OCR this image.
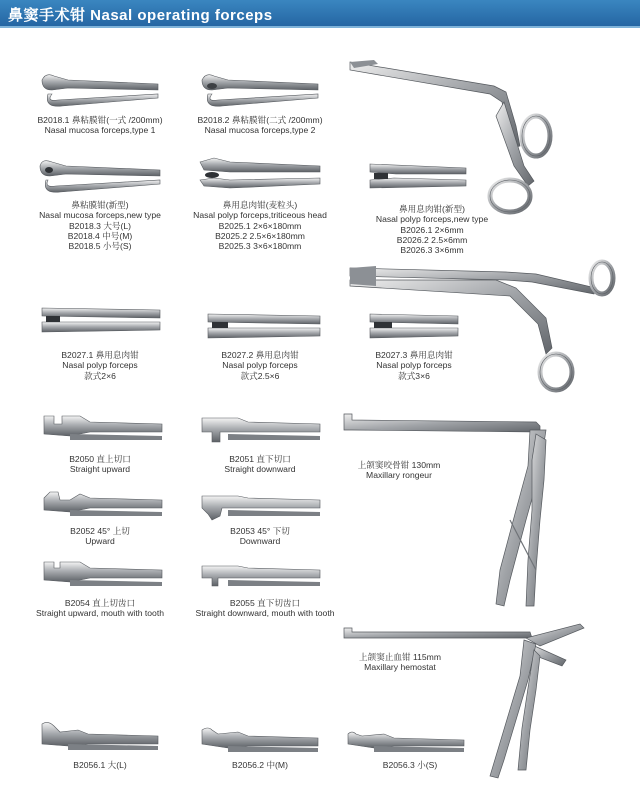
鼻窦手术钳 Nasal operating forceps
B2018.1 鼻粘膜钳(一式 /200mm)
Nasal mucosa forceps,type 1
B2018.2 鼻粘膜钳(二式 /200mm)
Nasal mucosa forceps,type 2
鼻粘膜钳(新型)
Nasal mucosa forceps,new type
B2018.3 大号(L)
B2018.4 中号(M)
B2018.5 小号(S)
鼻用息肉钳(麦粒头)
Nasal polyp forceps,triticeous head
B2025.1 2×6×180mm
B2025.2 2.5×6×180mm
B2025.3 3×6×180mm
鼻用息肉钳(新型)
Nasal polyp forceps,new type
B2026.1 2×6mm
B2026.2 2.5×6mm
B2026.3 3×6mm
B2027.1 鼻用息肉钳
Nasal polyp forceps
款式2×6
B2027.2 鼻用息肉钳
Nasal polyp forceps
款式2.5×6
B2027.3 鼻用息肉钳
Nasal polyp forceps
款式3×6
B2050 直上切口
Straight upward
B2051 直下切口
Straight downward	上颌窦咬骨钳 130mm
Maxillary rongeur
B2052 45° 上切
Upward
B2053 45° 下切
Downward
B2054 直上切齿口
Straight upward, mouth with tooth
B2055 直下切齿口
Straight downward, mouth with tooth
上颌窦止血钳 115mm
Maxillary hemostat
B2056.1 大(L)	B2056.2 中(M)	B2056.3 小(S)
